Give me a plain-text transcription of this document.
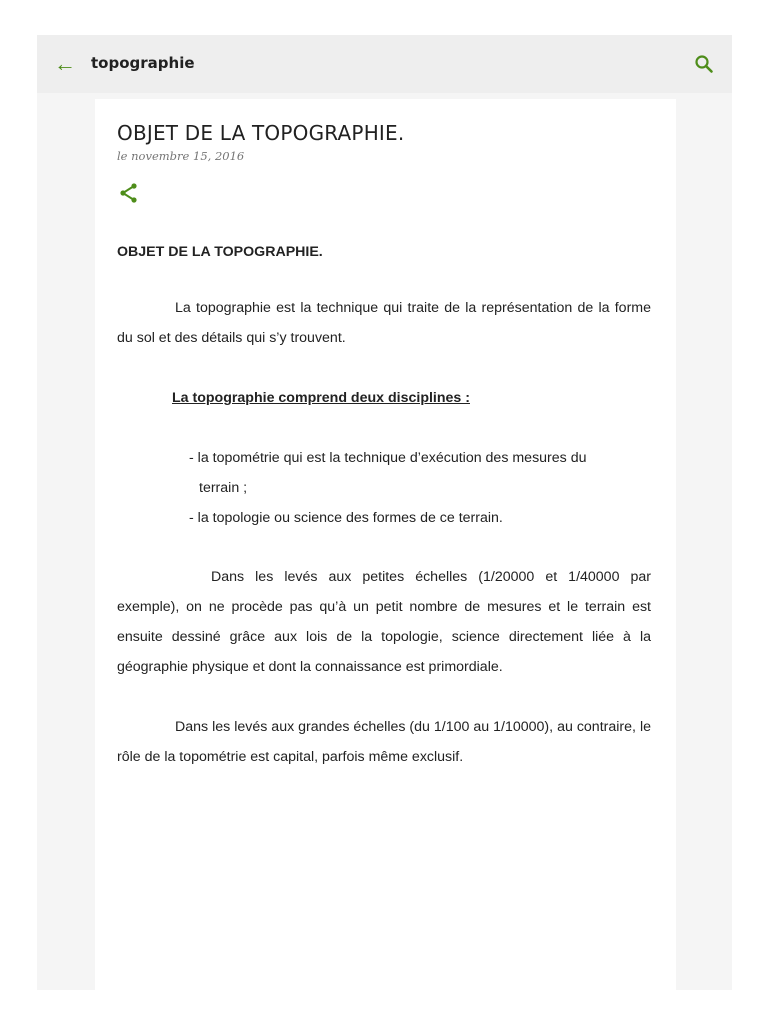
← topographie
OBJET DE LA TOPOGRAPHIE.
le novembre 15, 2016
OBJET DE LA TOPOGRAPHIE.
La topographie est la technique qui traite de la représentation de la forme du sol et des détails qui s’y trouvent.
La topographie comprend deux disciplines :
- la topométrie qui est la technique d’exécution des mesures du
terrain ;
- la topologie ou science des formes de ce terrain.
Dans les levés aux petites échelles (1/20000 et 1/40000 par exemple), on ne procède pas qu’à un petit nombre de mesures et le terrain est ensuite dessiné grâce aux lois de la topologie, science directement liée à la géographie physique et dont la connaissance est primordiale.
Dans les levés aux grandes échelles (du 1/100 au 1/10000), au contraire, le rôle de la topométrie est capital, parfois même exclusif.
